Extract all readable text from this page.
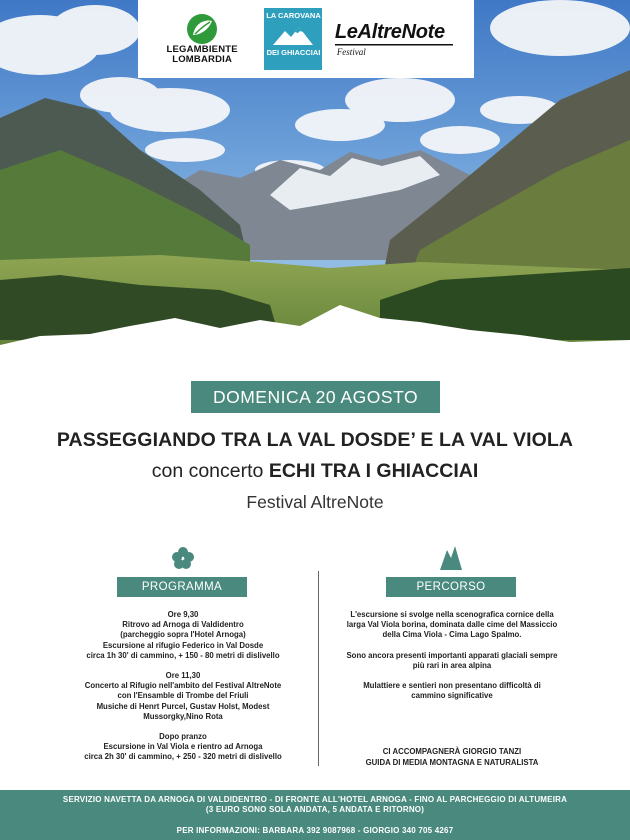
LEGAMBIENTE
LOMBARDIA
LA CAROVANA
DEI GHIACCIAI
LeAltreNote
Festival
DOMENICA 20 AGOSTO
PASSEGGIANDO TRA LA VAL DOSDE’ E LA VAL VIOLA
con concerto ECHI TRA I GHIACCIAI
Festival AltreNote
PROGRAMMA
Ore 9,30
Ritrovo ad Arnoga di Valdidentro
(parcheggio sopra l'Hotel Arnoga)
Escursione al rifugio Federico in Val Dosde
circa 1h 30' di cammino, + 150 - 80 metri di dislivello
Ore 11,30
Concerto al Rifugio nell'ambito del Festival AltreNote
con l'Ensamble di Trombe del Friuli
Musiche di Henrt Purcel, Gustav Holst, Modest
Mussorgky,Nino Rota
Dopo pranzo
Escursione in Val Viola e rientro ad Arnoga
circa 2h 30' di cammino, + 250 - 320 metri di dislivello
PERCORSO
L'escursione si svolge nella scenografica cornice della
larga Val Viola borina, dominata dalle cime del Massiccio
della Cima Viola - Cima Lago Spalmo.
Sono ancora presenti importanti apparati glaciali sempre
più rari in area alpina
Mulattiere e sentieri non presentano difficoltà di
cammino significative
CI ACCOMPAGNERÀ GIORGIO TANZI
GUIDA DI MEDIA MONTAGNA E NATURALISTA
SERVIZIO NAVETTA DA ARNOGA DI VALDIDENTRO - DI FRONTE ALL'HOTEL ARNOGA - FINO AL PARCHEGGIO DI ALTUMEIRA
(3 EURO SONO SOLA ANDATA, 5 ANDATA E RITORNO)
PER INFORMAZIONI: BARBARA 392 9087968 - GIORGIO 340 705 4267
